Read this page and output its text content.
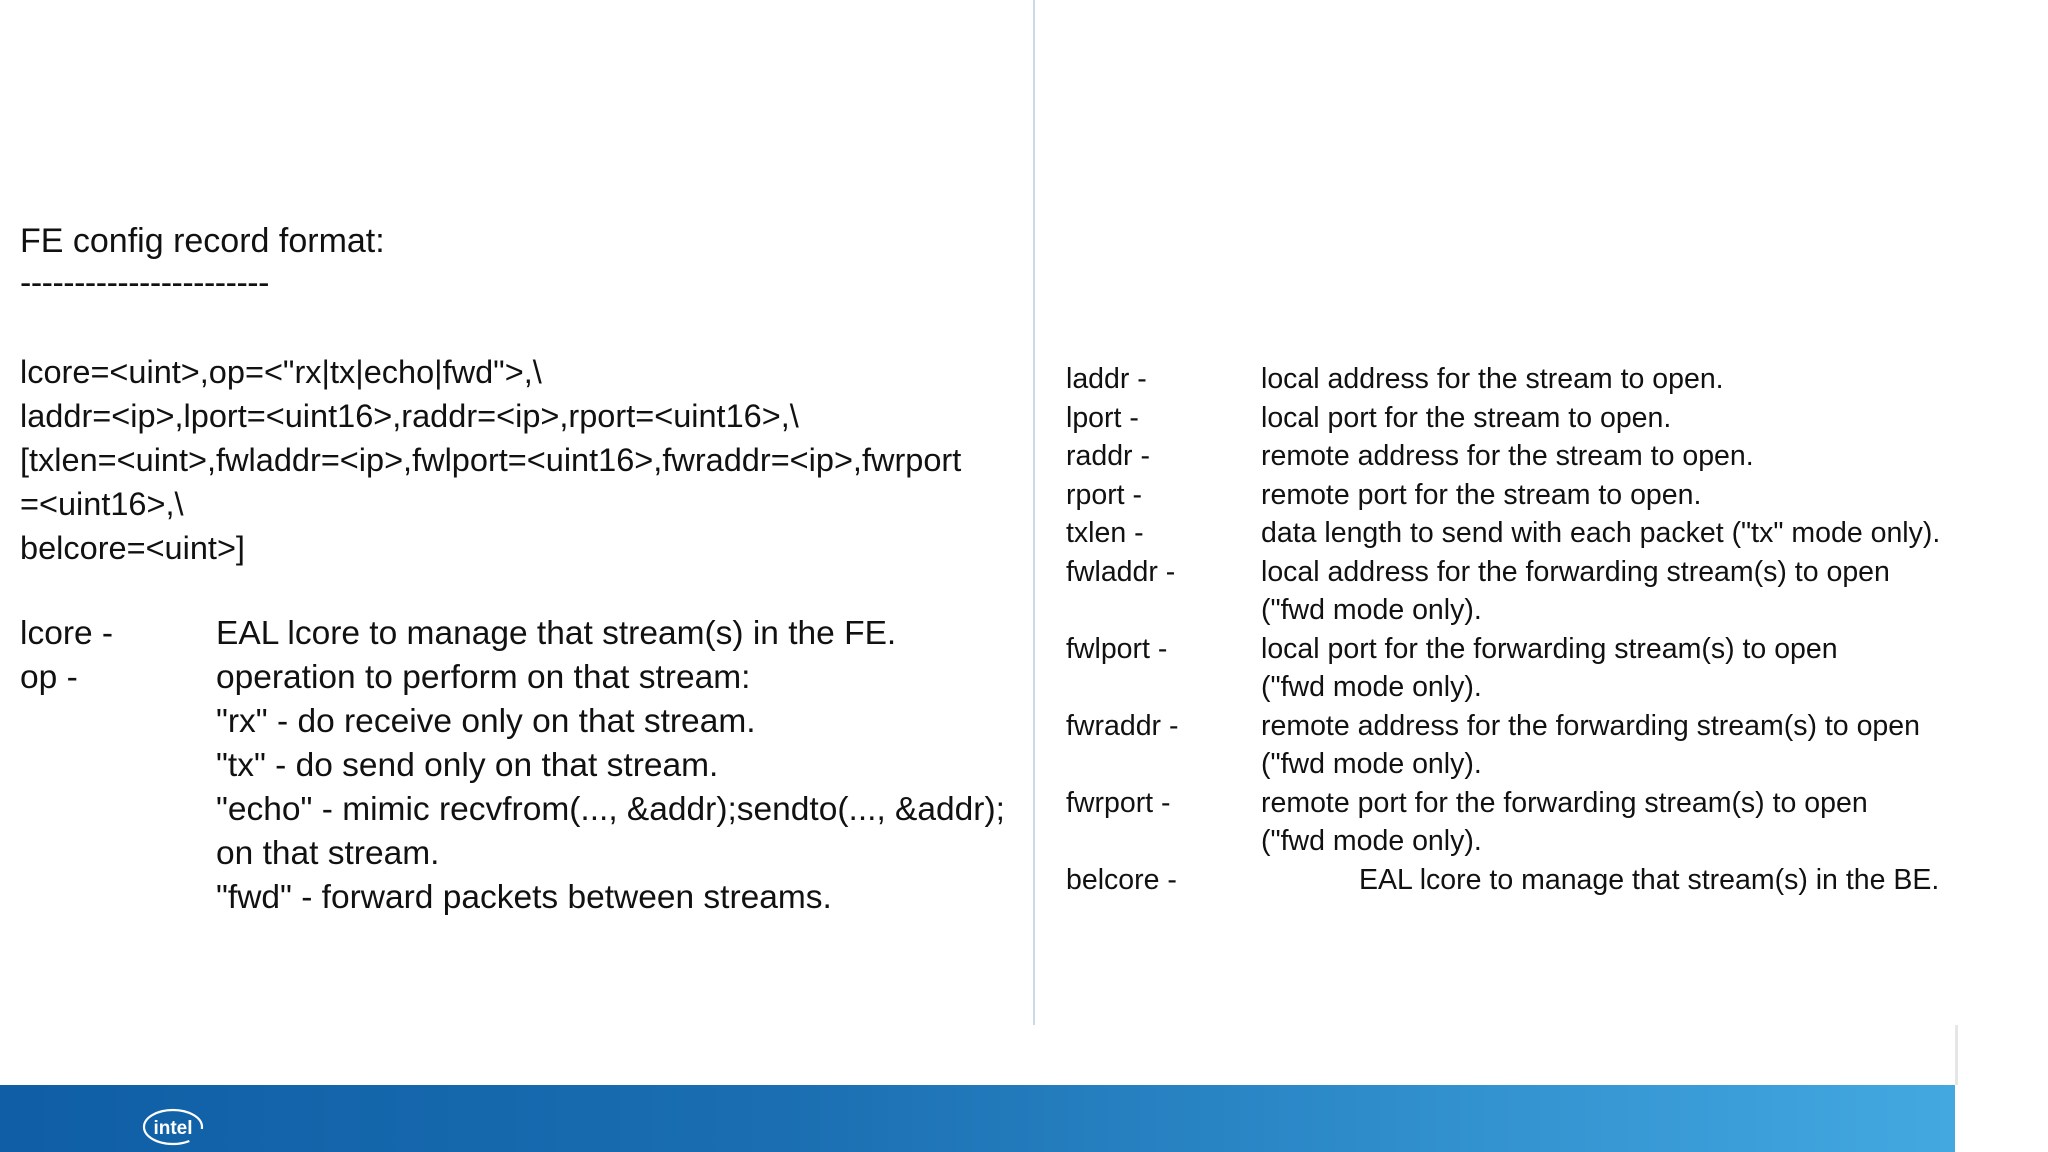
FE config record format:
-----------------------
lcore=<uint>,op=<"rx|tx|echo|fwd">,\
laddr=<ip>,lport=<uint16>,raddr=<ip>,rport=<uint16>,\
[txlen=<uint>,fwladdr=<ip>,fwlport=<uint16>,fwraddr=<ip>,fwrport
=<uint16>,\
belcore=<uint>]
lcore -	EAL lcore to manage that stream(s) in the FE.
op -	operation to perform on that stream:
"rx" - do receive only on that stream.
"tx" - do send only on that stream.
"echo" - mimic recvfrom(..., &addr);sendto(..., &addr);
on that stream.
"fwd" - forward packets between streams.
laddr -	local address for the stream to open.
lport -	local port for the stream to open.
raddr -	remote address for the stream to open.
rport -	remote port for the stream to open.
txlen -	data length to send with each packet ("tx" mode only).
fwladdr -	local address for the forwarding stream(s) to open
("fwd mode only).
fwlport -	local port for the forwarding stream(s) to open
("fwd mode only).
fwraddr -	remote address for the forwarding stream(s) to open
("fwd mode only).
fwrport -	remote port for the forwarding stream(s) to open
("fwd mode only).
belcore -	EAL lcore to manage that stream(s) in the BE.
intel
